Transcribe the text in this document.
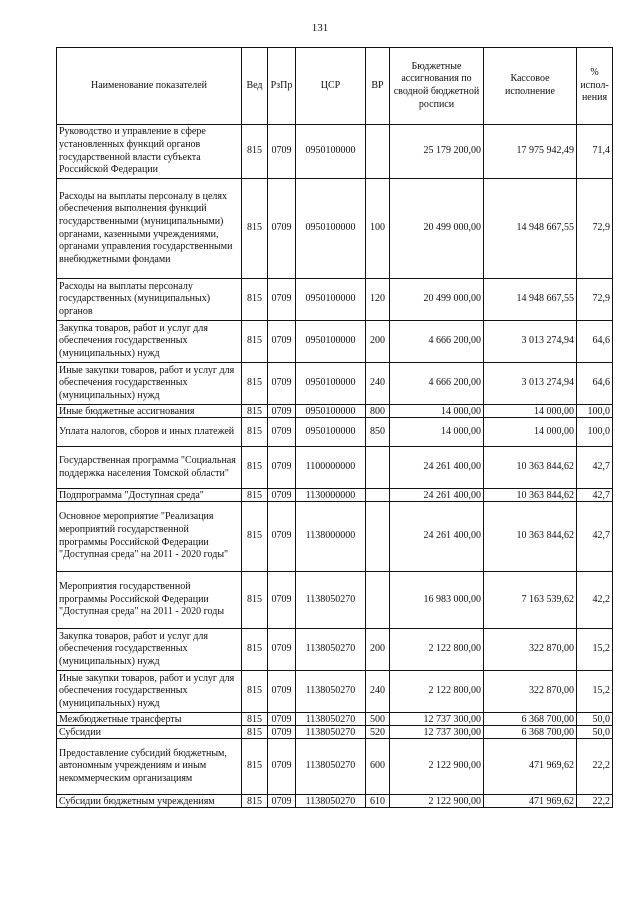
131
Наименование показателей	Вед	РзПр	ЦСР	ВР	Бюджетные ассигнования по сводной бюджетной росписи	Кассовое исполнение	% испол-нения
Руководство и управление в сфере установленных функций органов государственной власти субъекта Российской Федерации	815	0709	0950100000		25 179 200,00	17 975 942,49	71,4
Расходы на выплаты персоналу в целях обеспечения выполнения функций государственными (муниципальными) органами, казенными учреждениями, органами управления государственными внебюджетными фондами	815	0709	0950100000	100	20 499 000,00	14 948 667,55	72,9
Расходы на выплаты персоналу государственных (муниципальных) органов	815	0709	0950100000	120	20 499 000,00	14 948 667,55	72,9
Закупка товаров, работ и услуг для обеспечения государственных (муниципальных) нужд	815	0709	0950100000	200	4 666 200,00	3 013 274,94	64,6
Иные закупки товаров, работ и услуг для обеспечения государственных (муниципальных) нужд	815	0709	0950100000	240	4 666 200,00	3 013 274,94	64,6
Иные бюджетные ассигнования	815	0709	0950100000	800	14 000,00	14 000,00	100,0
Уплата налогов, сборов и иных платежей	815	0709	0950100000	850	14 000,00	14 000,00	100,0
Государственная программа "Социальная поддержка населения Томской области"	815	0709	1100000000		24 261 400,00	10 363 844,62	42,7
Подпрограмма "Доступная среда"	815	0709	1130000000		24 261 400,00	10 363 844,62	42,7
Основное мероприятие "Реализация мероприятий государственной программы Российской Федерации "Доступная среда" на 2011 - 2020 годы"	815	0709	1138000000		24 261 400,00	10 363 844,62	42,7
Мероприятия государственной программы Российской Федерации "Доступная среда" на 2011 - 2020 годы	815	0709	1138050270		16 983 000,00	7 163 539,62	42,2
Закупка товаров, работ и услуг для обеспечения государственных (муниципальных) нужд	815	0709	1138050270	200	2 122 800,00	322 870,00	15,2
Иные закупки товаров, работ и услуг для обеспечения государственных (муниципальных) нужд	815	0709	1138050270	240	2 122 800,00	322 870,00	15,2
Межбюджетные трансферты	815	0709	1138050270	500	12 737 300,00	6 368 700,00	50,0
Субсидии	815	0709	1138050270	520	12 737 300,00	6 368 700,00	50,0
Предоставление субсидий бюджетным, автономным учреждениям и иным некоммерческим организациям	815	0709	1138050270	600	2 122 900,00	471 969,62	22,2
Субсидии бюджетным учреждениям	815	0709	1138050270	610	2 122 900,00	471 969,62	22,2
